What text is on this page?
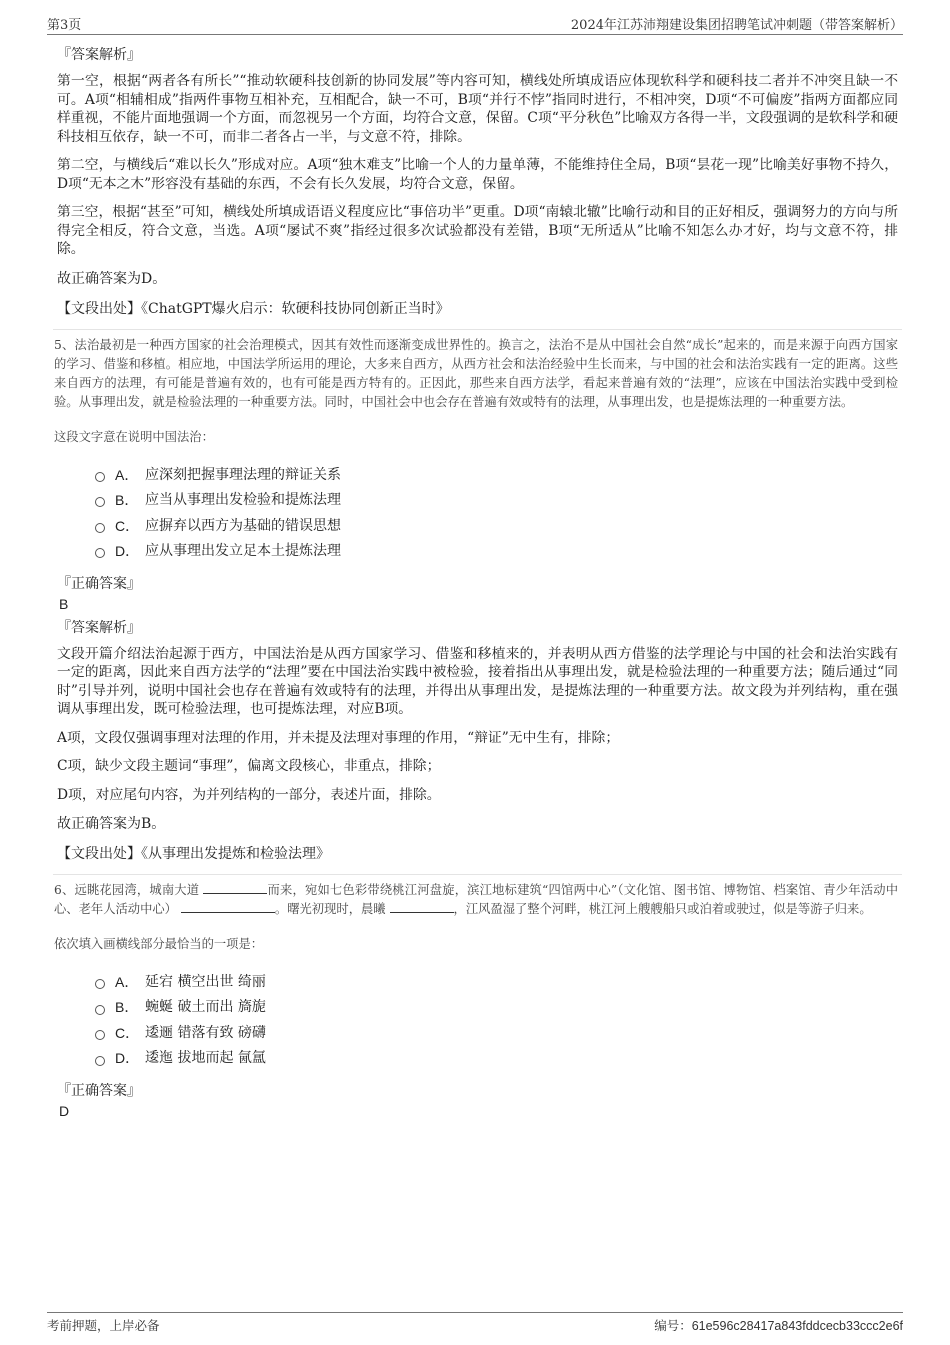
第3页	2024年江苏沛翔建设集团招聘笔试冲刺题（带答案解析）
『答案解析』

第一空，根据“两者各有所长”“推动软硬科技创新的协同发展”等内容可知，横线处所填成语应体现软科学和硬科技二者并不冲突且缺一不可。A项“相辅相成”指两件事物互相补充，互相配合，缺一不可，B项“并行不悖”指同时进行，不相冲突，D项“不可偏废”指两方面都应同样重视，不能片面地强调一个方面，而忽视另一个方面，均符合文意，保留。C项“平分秋色”比喻双方各得一半，文段强调的是软科学和硬科技相互依存，缺一不可，而非二者各占一半，与文意不符，排除。

第二空，与横线后“难以长久”形成对应。A项“独木难支”比喻一个人的力量单薄，不能维持住全局，B项“昙花一现”比喻美好事物不持久，D项“无本之木”形容没有基础的东西，不会有长久发展，均符合文意，保留。

第三空，根据“甚至”可知，横线处所填成语语义程度应比“事倍功半”更重。D项“南辕北辙”比喻行动和目的正好相反，强调努力的方向与所得完全相反，符合文意，当选。A项“屡试不爽”指经过很多次试验都没有差错，B项“无所适从”比喻不知怎么办才好，均与文意不符，排除。

故正确答案为D。

【文段出处】《ChatGPT爆火启示：软硬科技协同创新正当时》

5、法治最初是一种西方国家的社会治理模式，因其有效性而逐渐变成世界性的。换言之，法治不是从中国社会自然“成长”起来的，而是来源于向西方国家的学习、借鉴和移植。相应地，中国法学所运用的理论，大多来自西方，从西方社会和法治经验中生长而来，与中国的社会和法治实践有一定的距离。这些来自西方的法理，有可能是普遍有效的，也有可能是西方特有的。正因此，那些来自西方法学，看起来普遍有效的“法理”，应该在中国法治实践中受到检验。从事理出发，就是检验法理的一种重要方法。同时，中国社会中也会存在普遍有效或特有的法理，从事理出发，也是提炼法理的一种重要方法。

这段文字意在说明中国法治：

A． 应深刻把握事理法理的辩证关系
B． 应当从事理出发检验和提炼法理
C． 应摒弃以西方为基础的错误思想
D． 应从事理出发立足本土提炼法理
『正确答案』
B
『答案解析』

文段开篇介绍法治起源于西方，中国法治是从西方国家学习、借鉴和移植来的，并表明从西方借鉴的法学理论与中国的社会和法治实践有一定的距离，因此来自西方法学的“法理”要在中国法治实践中被检验，接着指出从事理出发，就是检验法理的一种重要方法；随后通过“同时”引导并列，说明中国社会也存在普遍有效或特有的法理，并得出从事理出发，是提炼法理的一种重要方法。故文段为并列结构，重在强调从事理出发，既可检验法理，也可提炼法理，对应B项。

A项，文段仅强调事理对法理的作用，并未提及法理对事理的作用，“辩证”无中生有，排除；

C项，缺少文段主题词“事理”，偏离文段核心，非重点，排除；

D项，对应尾句内容，为并列结构的一部分，表述片面，排除。

故正确答案为B。

【文段出处】《从事理出发提炼和检验法理》

6、远眺花园湾，城南大道	而来，宛如七色彩带绕桃江河盘旋，滨江地标建筑“四馆两中心”（文化馆、图书馆、博物馆、档案馆、青少年活动中心、老年人活动中心）	。曙光初现时，晨曦	，江风盈湿了整个河畔，桃江河上艘艘船只或泊着或驶过，似是等游子归来。

依次填入画横线部分最恰当的一项是：

A． 延宕 横空出世 绮丽
B． 蜿蜒 破土而出 旖旎
C． 逶逦 错落有致 磅礴
D． 逶迤 拔地而起 氤氲
『正确答案』
D
考前押题，上岸必备	编号：61e596c28417a843fddcecb33ccc2e6f
